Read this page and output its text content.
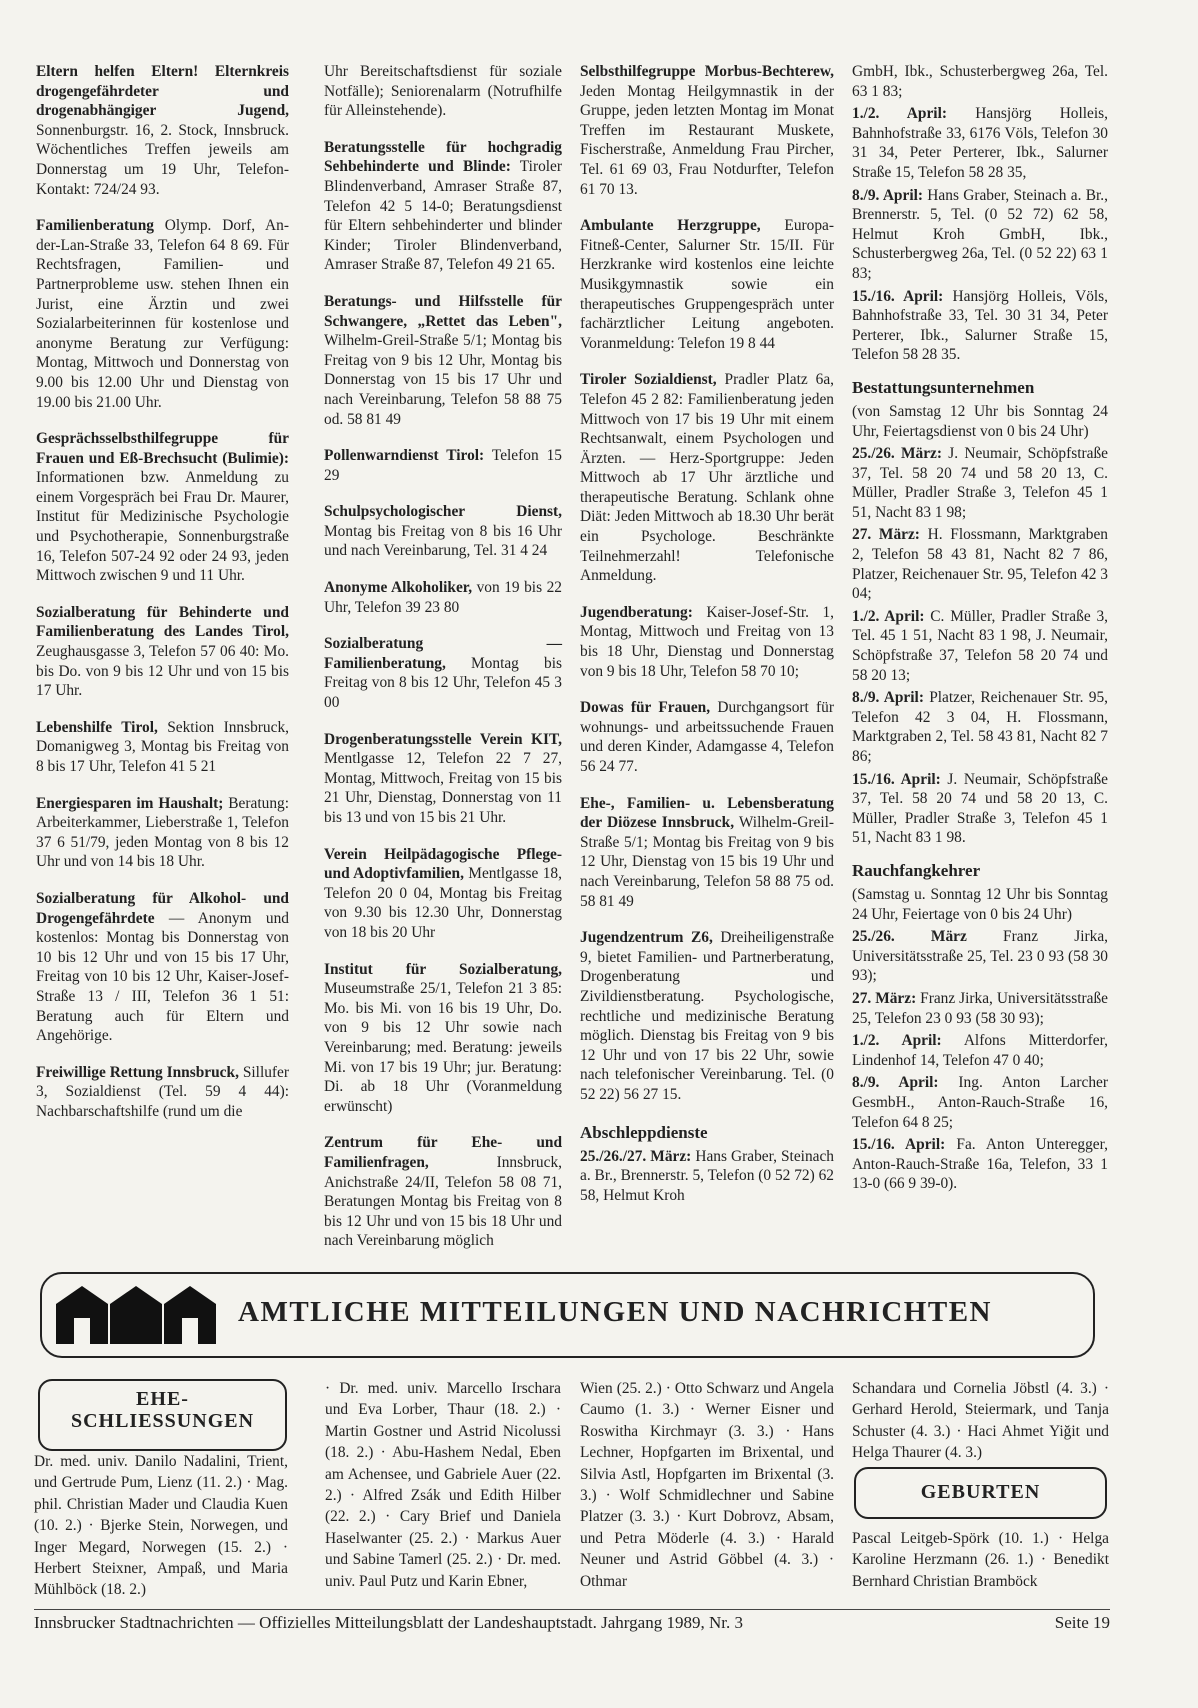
Eltern helfen Eltern! Elternkreis drogengefährdeter und drogenabhängiger Jugend, Sonnenburgstr. 16, 2. Stock, Innsbruck. Wöchentliches Treffen jeweils am Donnerstag um 19 Uhr, Telefon-Kontakt: 724/24 93.

Familienberatung Olymp. Dorf, An-der-Lan-Straße 33, Telefon 64 8 69. Für Rechtsfragen, Familien- und Partnerprobleme usw. stehen Ihnen ein Jurist, eine Ärztin und zwei Sozialarbeiterinnen für kostenlose und anonyme Beratung zur Verfügung: Montag, Mittwoch und Donnerstag von 9.00 bis 12.00 Uhr und Dienstag von 19.00 bis 21.00 Uhr.

Gesprächsselbsthilfegruppe für Frauen und Eß-Brechsucht (Bulimie): Informationen bzw. Anmeldung zu einem Vorgespräch bei Frau Dr. Maurer, Institut für Medizinische Psychologie und Psychotherapie, Sonnenburgstraße 16, Telefon 507-24 92 oder 24 93, jeden Mittwoch zwischen 9 und 11 Uhr.

Sozialberatung für Behinderte und Familienberatung des Landes Tirol, Zeughausgasse 3, Telefon 57 06 40: Mo. bis Do. von 9 bis 12 Uhr und von 15 bis 17 Uhr.

Lebenshilfe Tirol, Sektion Innsbruck, Domanigweg 3, Montag bis Freitag von 8 bis 17 Uhr, Telefon 41 5 21

Energiesparen im Haushalt; Beratung: Arbeiterkammer, Lieberstraße 1, Telefon 37 6 51/79, jeden Montag von 8 bis 12 Uhr und von 14 bis 18 Uhr.

Sozialberatung für Alkohol- und Drogengefährdete — Anonym und kostenlos: Montag bis Donnerstag von 10 bis 12 Uhr und von 15 bis 17 Uhr, Freitag von 10 bis 12 Uhr, Kaiser-Josef-Straße 13 / III, Telefon 36 1 51: Beratung auch für Eltern und Angehörige.

Freiwillige Rettung Innsbruck, Sillufer 3, Sozialdienst (Tel. 59 4 44): Nachbarschaftshilfe (rund um die

Uhr Bereitschaftsdienst für soziale Notfälle); Seniorenalarm (Notrufhilfe für Alleinstehende).

Beratungsstelle für hochgradig Sehbehinderte und Blinde: Tiroler Blindenverband, Amraser Straße 87, Telefon 42 5 14-0; Beratungsdienst für Eltern sehbehinderter und blinder Kinder; Tiroler Blindenverband, Amraser Straße 87, Telefon 49 21 65.

Beratungs- und Hilfsstelle für Schwangere, „Rettet das Leben", Wilhelm-Greil-Straße 5/1; Montag bis Freitag von 9 bis 12 Uhr, Montag bis Donnerstag von 15 bis 17 Uhr und nach Vereinbarung, Telefon 58 88 75 od. 58 81 49

Pollenwarndienst Tirol: Telefon 15 29

Schulpsychologischer Dienst, Montag bis Freitag von 8 bis 16 Uhr und nach Vereinbarung, Tel. 31 4 24

Anonyme Alkoholiker, von 19 bis 22 Uhr, Telefon 39 23 80

Sozialberatung — Familienberatung, Montag bis Freitag von 8 bis 12 Uhr, Telefon 45 3 00

Drogenberatungsstelle Verein KIT, Mentlgasse 12, Telefon 22 7 27, Montag, Mittwoch, Freitag von 15 bis 21 Uhr, Dienstag, Donnerstag von 11 bis 13 und von 15 bis 21 Uhr.

Verein Heilpädagogische Pflege- und Adoptivfamilien, Mentlgasse 18, Telefon 20 0 04, Montag bis Freitag von 9.30 bis 12.30 Uhr, Donnerstag von 18 bis 20 Uhr

Institut für Sozialberatung, Museumstraße 25/1, Telefon 21 3 85: Mo. bis Mi. von 16 bis 19 Uhr, Do. von 9 bis 12 Uhr sowie nach Vereinbarung; med. Beratung: jeweils Mi. von 17 bis 19 Uhr; jur. Beratung: Di. ab 18 Uhr (Voranmeldung erwünscht)

Zentrum für Ehe- und Familienfragen, Innsbruck, Anichstraße 24/II, Telefon 58 08 71, Beratungen Montag bis Freitag von 8 bis 12 Uhr und von 15 bis 18 Uhr und nach Vereinbarung möglich

Selbsthilfegruppe Morbus-Bechterew, Jeden Montag Heilgymnastik in der Gruppe, jeden letzten Montag im Monat Treffen im Restaurant Muskete, Fischerstraße, Anmeldung Frau Pircher, Tel. 61 69 03, Frau Notdurfter, Telefon 61 70 13.

Ambulante Herzgruppe, Europa-Fitneß-Center, Salurner Str. 15/II. Für Herzkranke wird kostenlos eine leichte Musikgymnastik sowie ein therapeutisches Gruppengespräch unter fachärztlicher Leitung angeboten. Voranmeldung: Telefon 19 8 44

Tiroler Sozialdienst, Pradler Platz 6a, Telefon 45 2 82: Familienberatung jeden Mittwoch von 17 bis 19 Uhr mit einem Rechtsanwalt, einem Psychologen und Ärzten. — Herz-Sportgruppe: Jeden Mittwoch ab 17 Uhr ärztliche und therapeutische Beratung. Schlank ohne Diät: Jeden Mittwoch ab 18.30 Uhr berät ein Psychologe. Beschränkte Teilnehmerzahl! Telefonische Anmeldung.

Jugendberatung: Kaiser-Josef-Str. 1, Montag, Mittwoch und Freitag von 13 bis 18 Uhr, Dienstag und Donnerstag von 9 bis 18 Uhr, Telefon 58 70 10;

Dowas für Frauen, Durchgangsort für wohnungs- und arbeitssuchende Frauen und deren Kinder, Adamgasse 4, Telefon 56 24 77.

Ehe-, Familien- u. Lebensberatung der Diözese Innsbruck, Wilhelm-Greil-Straße 5/1; Montag bis Freitag von 9 bis 12 Uhr, Dienstag von 15 bis 19 Uhr und nach Vereinbarung, Telefon 58 88 75 od. 58 81 49

Jugendzentrum Z6, Dreiheiligenstraße 9, bietet Familien- und Partnerberatung, Drogenberatung und Zivildienstberatung. Psychologische, rechtliche und medizinische Beratung möglich. Dienstag bis Freitag von 9 bis 12 Uhr und von 17 bis 22 Uhr, sowie nach telefonischer Vereinbarung. Tel. (0 52 22) 56 27 15.

Abschleppdienste

25./26./27. März: Hans Graber, Steinach a. Br., Brennerstr. 5, Telefon (0 52 72) 62 58, Helmut Kroh

GmbH, Ibk., Schusterbergweg 26a, Tel. 63 1 83;

1./2. April: Hansjörg Holleis, Bahnhofstraße 33, 6176 Völs, Telefon 30 31 34, Peter Perterer, Ibk., Salurner Straße 15, Telefon 58 28 35,

8./9. April: Hans Graber, Steinach a. Br., Brennerstr. 5, Tel. (0 52 72) 62 58, Helmut Kroh GmbH, Ibk., Schusterbergweg 26a, Tel. (0 52 22) 63 1 83;

15./16. April: Hansjörg Holleis, Völs, Bahnhofstraße 33, Tel. 30 31 34, Peter Perterer, Ibk., Salurner Straße 15, Telefon 58 28 35.

Bestattungsunternehmen

(von Samstag 12 Uhr bis Sonntag 24 Uhr, Feiertagsdienst von 0 bis 24 Uhr)

25./26. März: J. Neumair, Schöpfstraße 37, Tel. 58 20 74 und 58 20 13, C. Müller, Pradler Straße 3, Telefon 45 1 51, Nacht 83 1 98;

27. März: H. Flossmann, Marktgraben 2, Telefon 58 43 81, Nacht 82 7 86, Platzer, Reichenauer Str. 95, Telefon 42 3 04;

1./2. April: C. Müller, Pradler Straße 3, Tel. 45 1 51, Nacht 83 1 98, J. Neumair, Schöpfstraße 37, Telefon 58 20 74 und 58 20 13;

8./9. April: Platzer, Reichenauer Str. 95, Telefon 42 3 04, H. Flossmann, Marktgraben 2, Tel. 58 43 81, Nacht 82 7 86;

15./16. April: J. Neumair, Schöpfstraße 37, Tel. 58 20 74 und 58 20 13, C. Müller, Pradler Straße 3, Telefon 45 1 51, Nacht 83 1 98.

Rauchfangkehrer

(Samstag u. Sonntag 12 Uhr bis Sonntag 24 Uhr, Feiertage von 0 bis 24 Uhr)

25./26. März Franz Jirka, Universitätsstraße 25, Tel. 23 0 93 (58 30 93);

27. März: Franz Jirka, Universitätsstraße 25, Telefon 23 0 93 (58 30 93);

1./2. April: Alfons Mitterdorfer, Lindenhof 14, Telefon 47 0 40;

8./9. April: Ing. Anton Larcher GesmbH., Anton-Rauch-Straße 16, Telefon 64 8 25;

15./16. April: Fa. Anton Unteregger, Anton-Rauch-Straße 16a, Telefon, 33 1 13-0 (66 9 39-0).

AMTLICHE MITTEILUNGEN UND NACHRICHTEN
EHE-
SCHLIESSUNGEN
Dr. med. univ. Danilo Nadalini, Trient, und Gertrude Pum, Lienz (11. 2.) · Mag. phil. Christian Mader und Claudia Kuen (10. 2.) · Bjerke Stein, Norwegen, und Inger Megard, Norwegen (15. 2.) · Herbert Steixner, Ampaß, und Maria Mühlböck (18. 2.)
· Dr. med. univ. Marcello Irschara und Eva Lorber, Thaur (18. 2.) · Martin Gostner und Astrid Nicolussi (18. 2.) · Abu-Hashem Nedal, Eben am Achensee, und Gabriele Auer (22. 2.) · Alfred Zsák und Edith Hilber (22. 2.) · Cary Brief und Daniela Haselwanter (25. 2.) · Markus Auer und Sabine Tamerl (25. 2.) · Dr. med. univ. Paul Putz und Karin Ebner,
Wien (25. 2.) · Otto Schwarz und Angela Caumo (1. 3.) · Werner Eisner und Roswitha Kirchmayr (3. 3.) · Hans Lechner, Hopfgarten im Brixental, und Silvia Astl, Hopfgarten im Brixental (3. 3.) · Wolf Schmidlechner und Sabine Platzer (3. 3.) · Kurt Dobrovz, Absam, und Petra Möderle (4. 3.) · Harald Neuner und Astrid Göbbel (4. 3.) · Othmar
Schandara und Cornelia Jöbstl (4. 3.) · Gerhard Herold, Steiermark, und Tanja Schuster (4. 3.) · Haci Ahmet Yiğit und Helga Thaurer (4. 3.)
GEBURTEN
Pascal Leitgeb-Spörk (10. 1.) · Helga Karoline Herzmann (26. 1.) · Benedikt Bernhard Christian Bramböck
Innsbrucker Stadtnachrichten — Offizielles Mitteilungsblatt der Landeshauptstadt. Jahrgang 1989, Nr. 3	Seite 19
